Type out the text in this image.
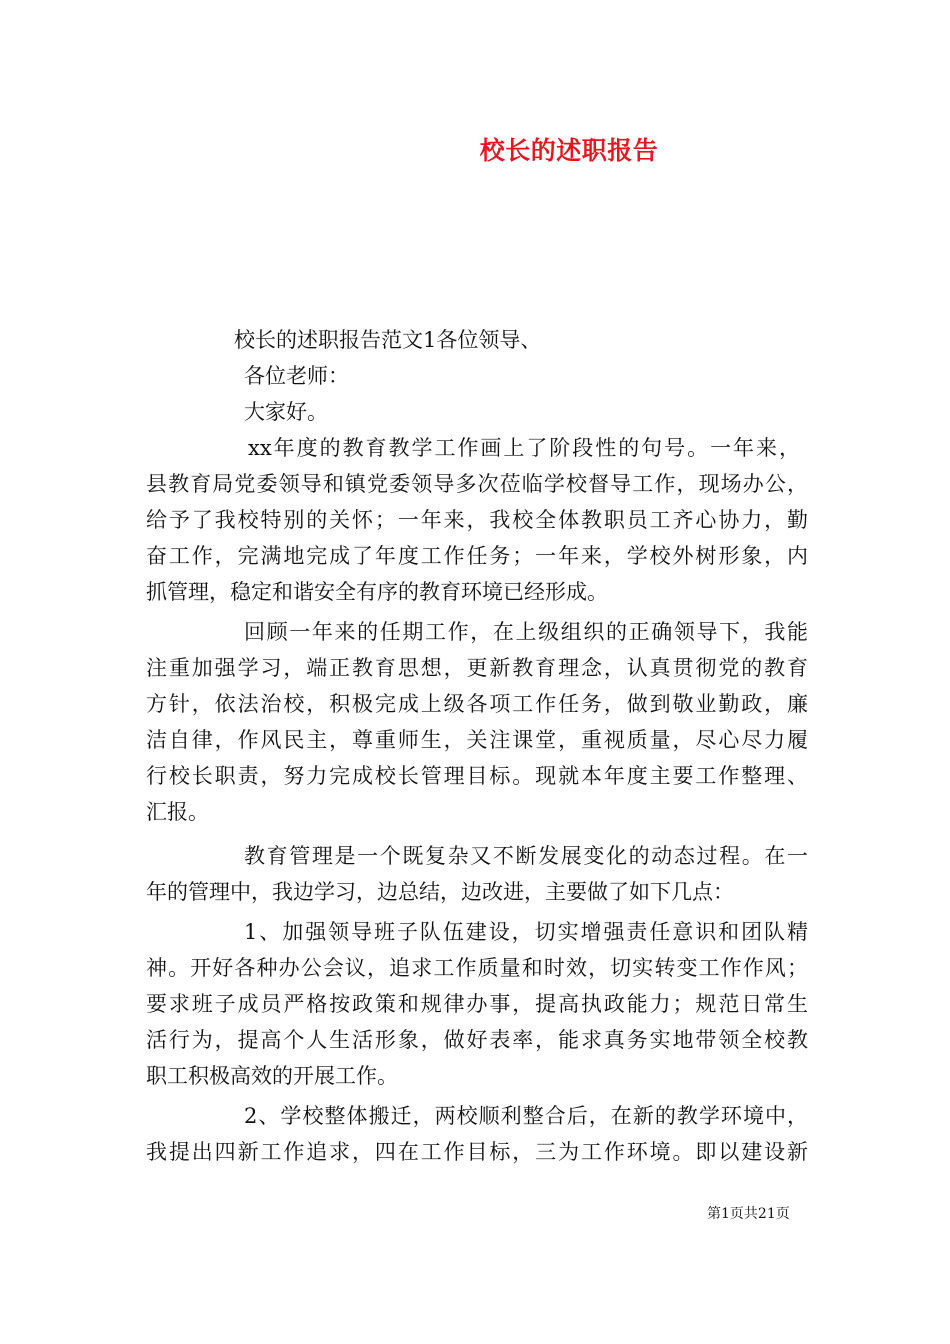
校长的述职报告
校长的述职报告范文1各位领导、
各位老师：
大家好。
xx年度的教育教学工作画上了阶段性的句号。一年来，
县教育局党委领导和镇党委领导多次莅临学校督导工作，现场办公，
给予了我校特别的关怀；一年来，我校全体教职员工齐心协力，勤
奋工作，完满地完成了年度工作任务；一年来，学校外树形象，内
抓管理，稳定和谐安全有序的教育环境已经形成。
回顾一年来的任期工作，在上级组织的正确领导下，我能
注重加强学习，端正教育思想，更新教育理念，认真贯彻党的教育
方针，依法治校，积极完成上级各项工作任务，做到敬业勤政，廉
洁自律，作风民主，尊重师生，关注课堂，重视质量，尽心尽力履
行校长职责，努力完成校长管理目标。现就本年度主要工作整理、
汇报。
教育管理是一个既复杂又不断发展变化的动态过程。在一
年的管理中，我边学习，边总结，边改进，主要做了如下几点：
1、加强领导班子队伍建设，切实增强责任意识和团队精
神。开好各种办公会议，追求工作质量和时效，切实转变工作作风；
要求班子成员严格按政策和规律办事，提高执政能力；规范日常生
活行为，提高个人生活形象，做好表率，能求真务实地带领全校教
职工积极高效的开展工作。
2、学校整体搬迁，两校顺利整合后，在新的教学环境中，
我提出四新工作追求，四在工作目标，三为工作环境。即以建设新
第1页共21页
